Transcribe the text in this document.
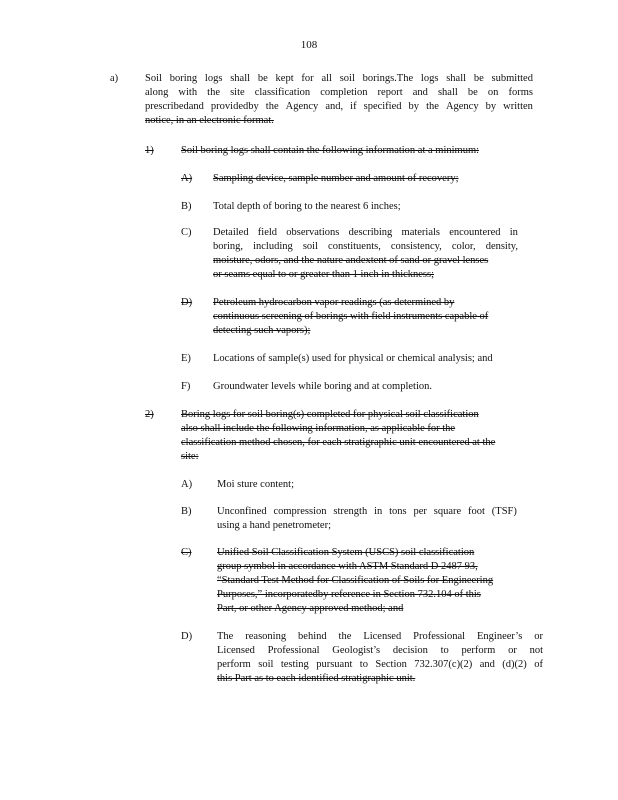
108
a)	Soil boring logs shall be kept for all soil borings.The logs shall be submitted
along with the site classification completion report and shall be on forms
prescribedand providedby the Agency and, if specified by the Agency by written
notice, in an electronic format.
1)	Soil boring logs shall contain the following information at a minimum:
A) Sampling device, sample number and amount of recovery;
B) Total depth of boring to the nearest 6 inches;
C) Detailed field observations describing materials encountered in
boring, including soil constituents, consistency, color, density,
moisture, odors, and the nature andextent of sand or gravel lenses
or seams equal to or greater than 1 inch in thickness;
D) Petroleum hydrocarbon vapor readings (as determined by
continuous screening of borings with field instruments capable of
detecting such vapors);
E) Locations of sample(s) used for physical or chemical analysis; and
F) Groundwater levels while boring and at completion.
2)	Boring logs for soil boring(s) completed for physical soil classification
also shall include the following information, as applicable for the
classification method chosen, for each stratigraphic unit encountered at the
site:
A) Moi sture content;
B) Unconfined compression strength in tons per square foot (TSF)
using a hand penetrometer;
C) Unified Soil Classification System (USCS) soil classification
group symbol in accordance with ASTM Standard D 2487 93,
“Standard Test Method for Classification of Soils for Engineering
Purposes,” incorporatedby reference in Section 732.104 of this
Part, or other Agency approved method; and
D) The reasoning behind the Licensed Professional Engineer’s or
Licensed Professional Geologist’s decision to perform or not
perform soil testing pursuant to Section 732.307(c)(2) and (d)(2) of
this Part as to each identified stratigraphic unit.
